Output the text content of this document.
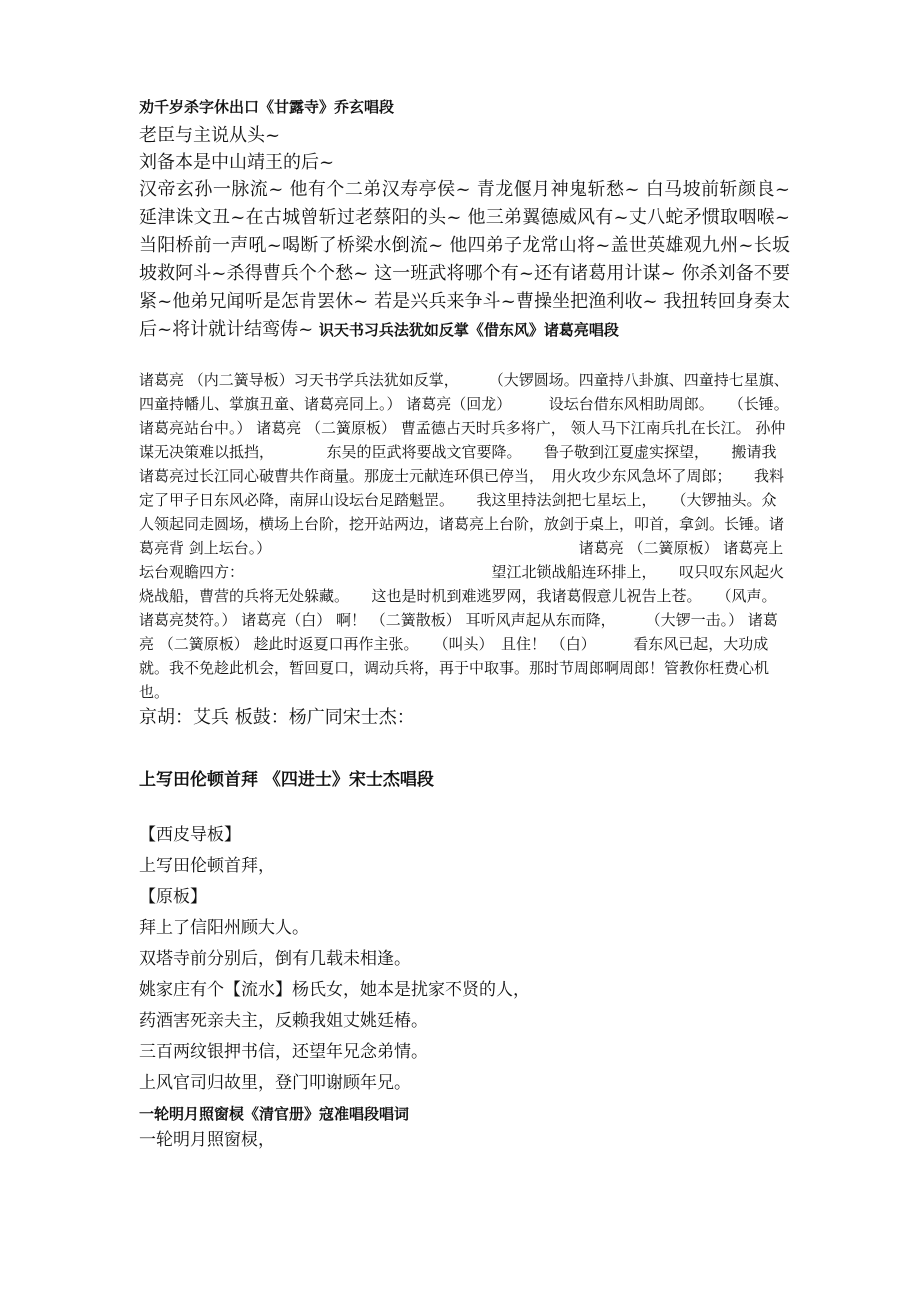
劝千岁杀字休出口《甘露寺》乔玄唱段

老臣与主说从头~

刘备本是中山靖王的后~

汉帝玄孙一脉流~ 他有个二弟汉寿亭侯~ 青龙偃月神鬼斩愁~ 白马坡前斩颜良~延津诛文丑~在古城曾斩过老蔡阳的头~ 他三弟翼德威风有~丈八蛇矛惯取咽喉~当阳桥前一声吼~喝断了桥梁水倒流~ 他四弟子龙常山将~盖世英雄观九州~长坂坡救阿斗~杀得曹兵个个愁~ 这一班武将哪个有~还有诸葛用计谋~ 你杀刘备不要紧~他弟兄闻听是怎肯罢休~ 若是兴兵来争斗~曹操坐把渔利收~ 我扭转回身奏太后~将计就计结鸾俦~ 识天书习兵法犹如反掌《借东风》诸葛亮唱段

诸葛亮 （内二簧导板）习天书学兵法犹如反掌，　　　（大锣圆场。四童持八卦旗、四童持七星旗、四童持幡儿、掌旗丑童、诸葛亮同上。） 诸葛亮（回龙）　　　设坛台借东风相助周郎。　　（长锤。诸葛亮站台中。） 诸葛亮 （二簧原板） 曹孟德占天时兵多将广， 领人马下江南兵扎在长江。 孙仲谋无决策难以抵挡，　　　　东吴的臣武将要战文官要降。　　鲁子敬到江夏虚实探望，　　搬请我诸葛亮过长江同心破曹共作商量。那庞士元献连环俱已停当，　用火攻少东风急坏了周郎；　　我料定了甲子日东风必降，南屏山设坛台足踏魁罡。　　我这里持法剑把七星坛上，　　（大锣抽头。众人领起同走圆场，横场上台阶，挖开站两边，诸葛亮上台阶，放剑于桌上，叩首，拿剑。长锤。诸葛亮背 剑上坛台。）　　　　　　　　　　　　　　　　　　　　　诸葛亮 （二簧原板） 诸葛亮上坛台观瞻四方：　　　　　　　　　　　　　　　　　望江北锁战船连环排上，　　叹只叹东风起火烧战船，曹营的兵将无处躲藏。　　这也是时机到难逃罗网，我诸葛假意儿祝告上苍。　　（风声。诸葛亮焚符。） 诸葛亮（白） 啊！ （二簧散板） 耳听风声起从东而降，　　　（大锣一击。） 诸葛亮 （二簧原板） 趁此时返夏口再作主张。　　（叫头）　且住！ （白）　　　看东风已起，大功成就。我不免趁此机会，暂回夏口，调动兵将，再于中取事。那时节周郎啊周郎！管教你枉费心机也。

京胡：艾兵 板鼓：杨广同宋士杰：

上写田伦顿首拜 《四进士》宋士杰唱段

【西皮导板】

上写田伦顿首拜，

【原板】

拜上了信阳州顾大人。

双塔寺前分别后，倒有几载未相逢。

姚家庄有个【流水】杨氏女，她本是扰家不贤的人，

药酒害死亲夫主，反赖我姐丈姚廷椿。

三百两纹银押书信，还望年兄念弟情。

上风官司归故里，登门叩谢顾年兄。

一轮明月照窗棂《清官册》寇准唱段唱词

一轮明月照窗棂，
